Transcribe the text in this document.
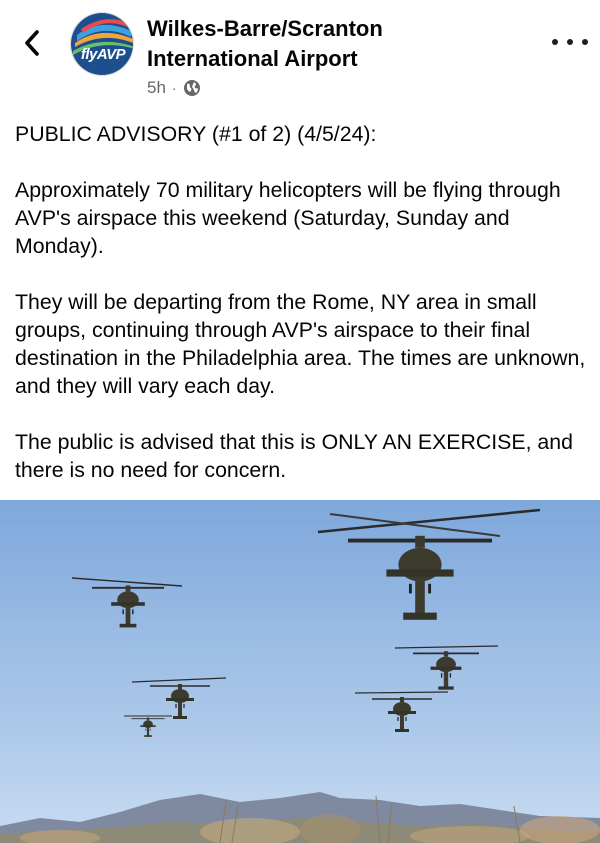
flyAVP
Wilkes-Barre/Scranton
International Airport
5h ·

PUBLIC ADVISORY (#1 of 2) (4/5/24):

Approximately 70 military helicopters will be flying through AVP's airspace this weekend (Saturday, Sunday and Monday).

They will be departing from the Rome, NY area in small groups, continuing through AVP's airspace to their final destination in the Philadelphia area. The times are unknown, and they will vary each day.

The public is advised that this is ONLY AN EXERCISE, and there is no need for concern.
